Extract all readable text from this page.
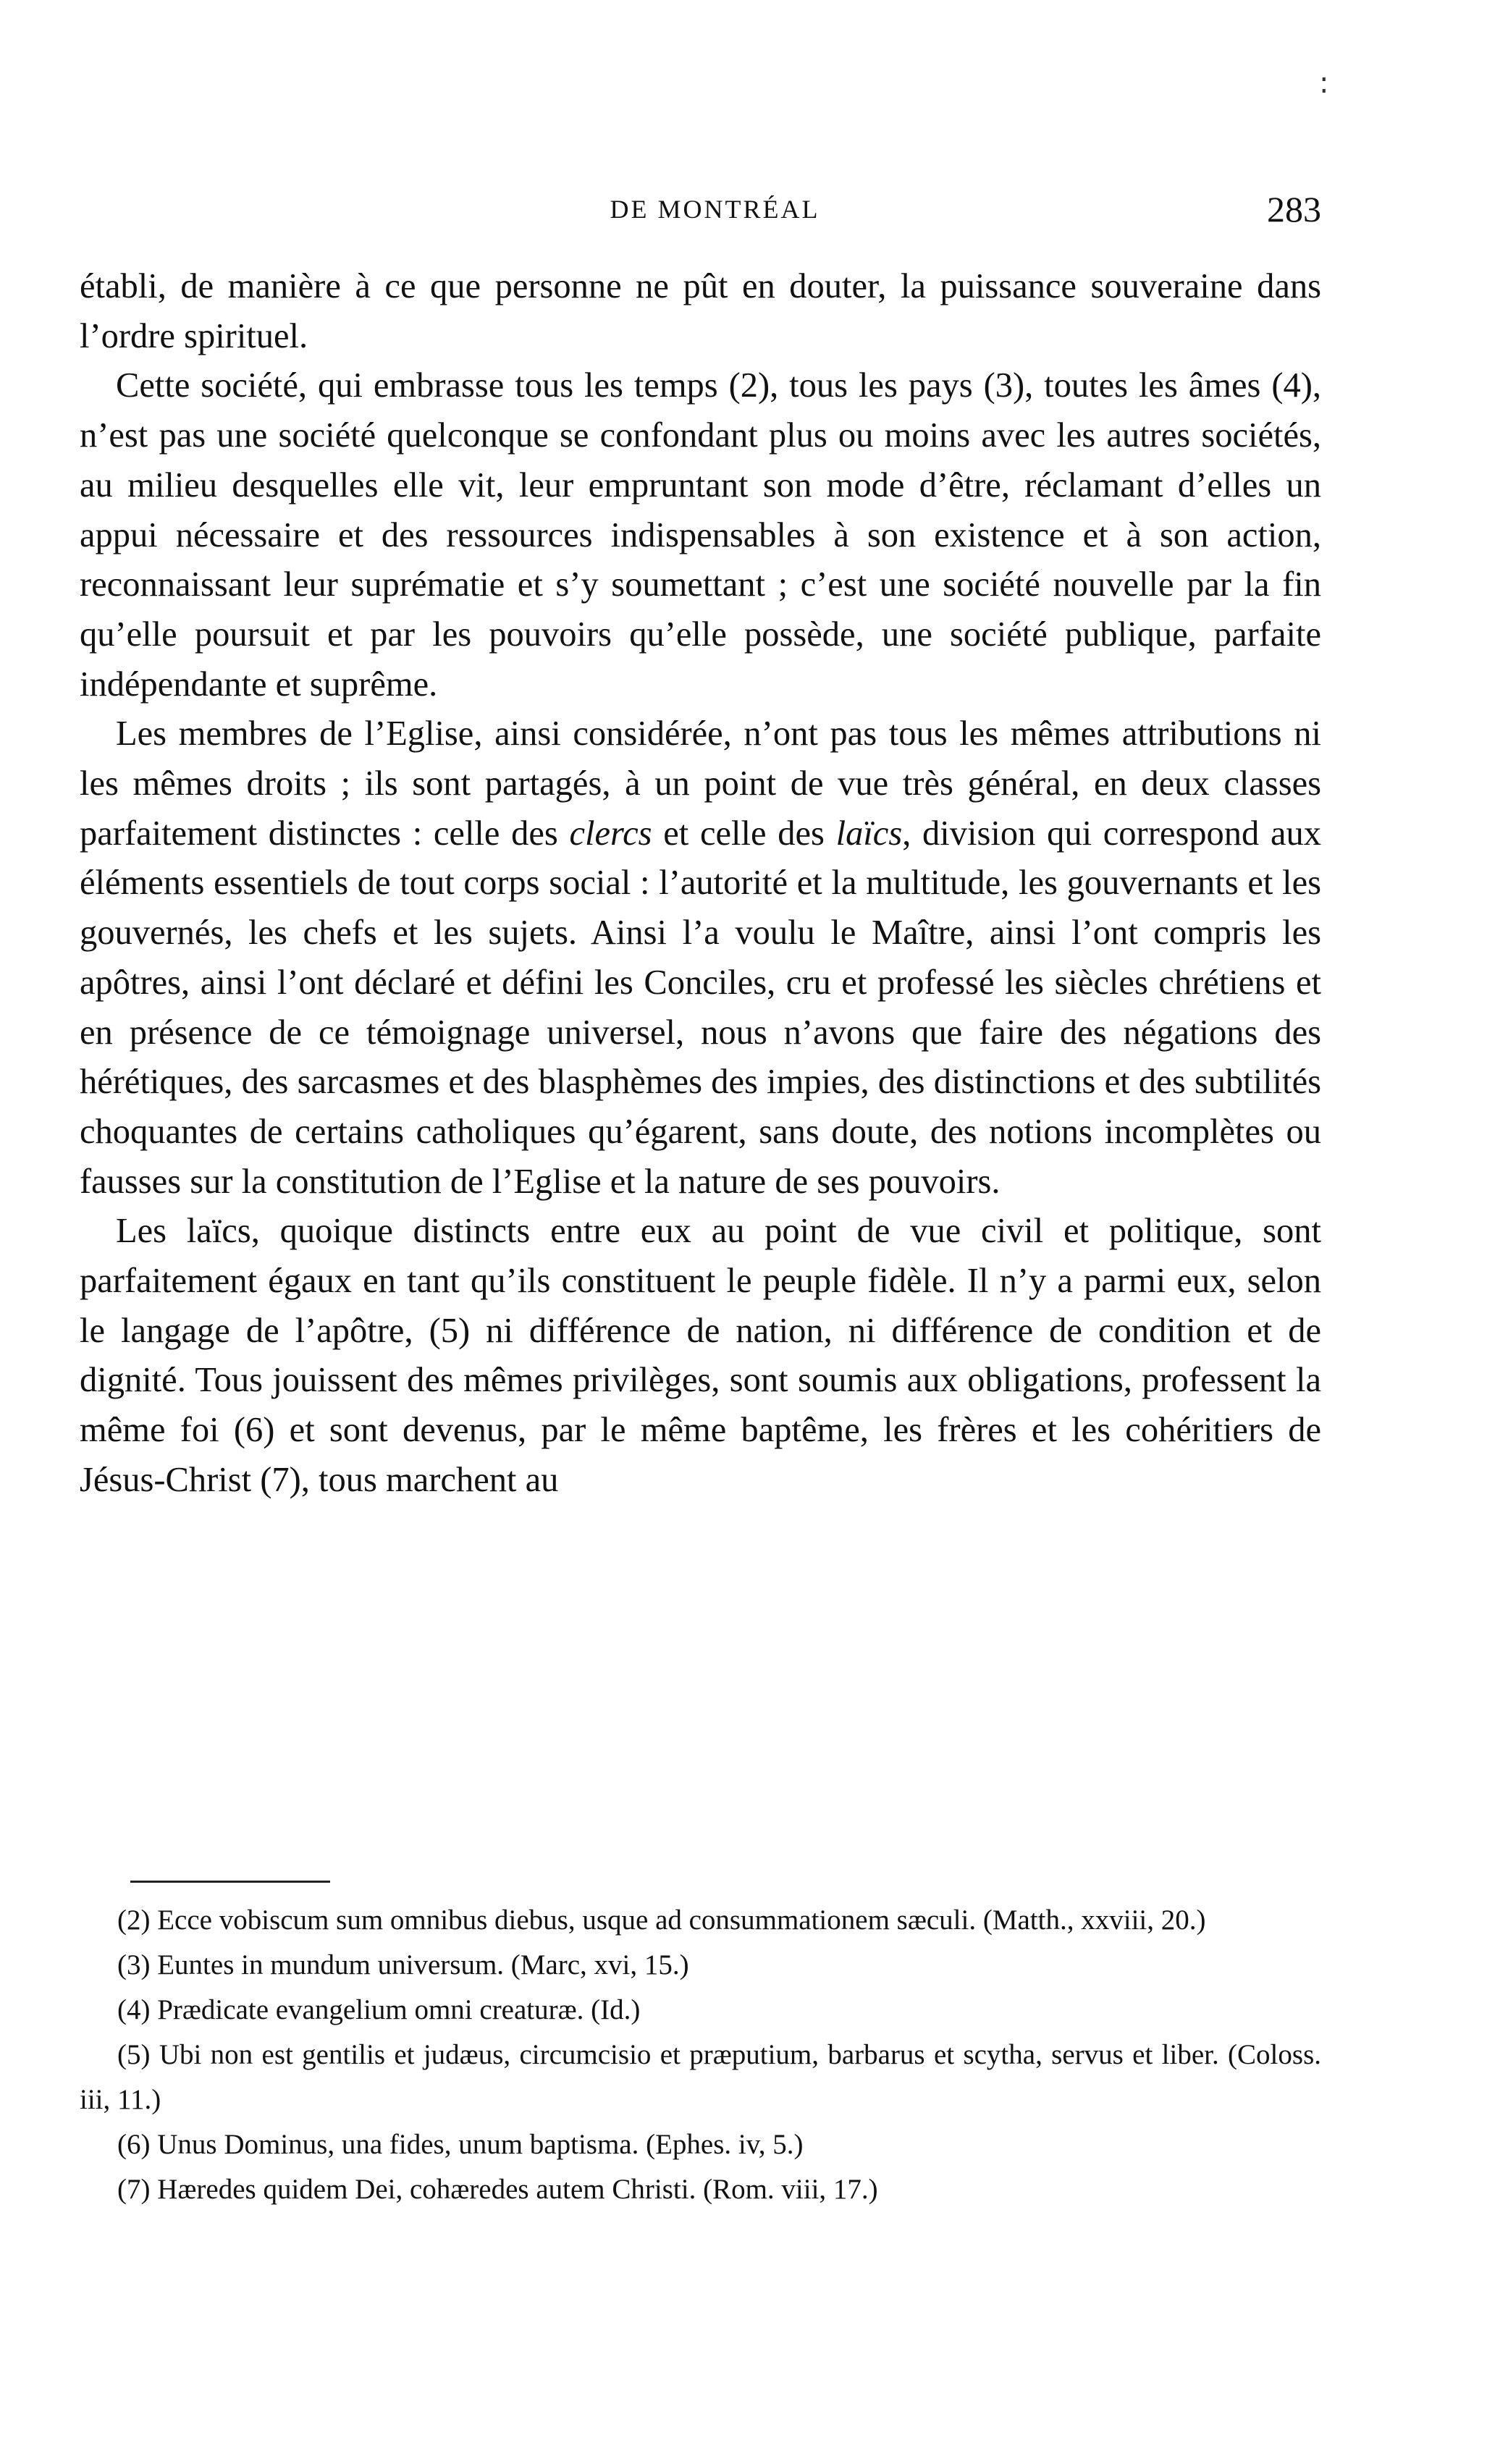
:
DE MONTRÉAL	283

établi, de manière à ce que personne ne pût en douter, la puissance souveraine dans l’ordre spirituel.

Cette société, qui embrasse tous les temps (2), tous les pays (3), toutes les âmes (4), n’est pas une société quelconque se confondant plus ou moins avec les autres sociétés, au milieu desquelles elle vit, leur empruntant son mode d’être, réclamant d’elles un appui nécessaire et des ressources indispensables à son existence et à son action, reconnaissant leur suprématie et s’y soumettant ; c’est une société nouvelle par la fin qu’elle poursuit et par les pouvoirs qu’elle possède, une société publique, parfaite indépendante et suprême.

Les membres de l’Eglise, ainsi considérée, n’ont pas tous les mêmes attributions ni les mêmes droits ; ils sont partagés, à un point de vue très général, en deux classes parfaitement distinctes : celle des clercs et celle des laïcs, division qui correspond aux éléments essentiels de tout corps social : l’autorité et la multitude, les gouvernants et les gouvernés, les chefs et les sujets. Ainsi l’a voulu le Maître, ainsi l’ont compris les apôtres, ainsi l’ont déclaré et défini les Conciles, cru et professé les siècles chrétiens et en présence de ce témoignage universel, nous n’avons que faire des négations des hérétiques, des sarcasmes et des blasphèmes des impies, des distinctions et des subtilités choquantes de certains catholiques qu’égarent, sans doute, des notions incomplètes ou fausses sur la constitution de l’Eglise et la nature de ses pouvoirs.

Les laïcs, quoique distincts entre eux au point de vue civil et politique, sont parfaitement égaux en tant qu’ils constituent le peuple fidèle. Il n’y a parmi eux, selon le langage de l’apôtre, (5) ni différence de nation, ni différence de condition et de dignité. Tous jouissent des mêmes privilèges, sont soumis aux obligations, professent la même foi (6) et sont devenus, par le même baptême, les frères et les cohéritiers de Jésus-Christ (7), tous marchent au

(2) Ecce vobiscum sum omnibus diebus, usque ad consummationem sæculi. (Matth., xxviii, 20.)

(3) Euntes in mundum universum. (Marc, xvi, 15.)

(4) Prædicate evangelium omni creaturæ. (Id.)

(5) Ubi non est gentilis et judæus, circumcisio et præputium, barbarus et scytha, servus et liber. (Coloss. iii, 11.)

(6) Unus Dominus, una fides, unum baptisma. (Ephes. iv, 5.)

(7) Hæredes quidem Dei, cohæredes autem Christi. (Rom. viii, 17.)
